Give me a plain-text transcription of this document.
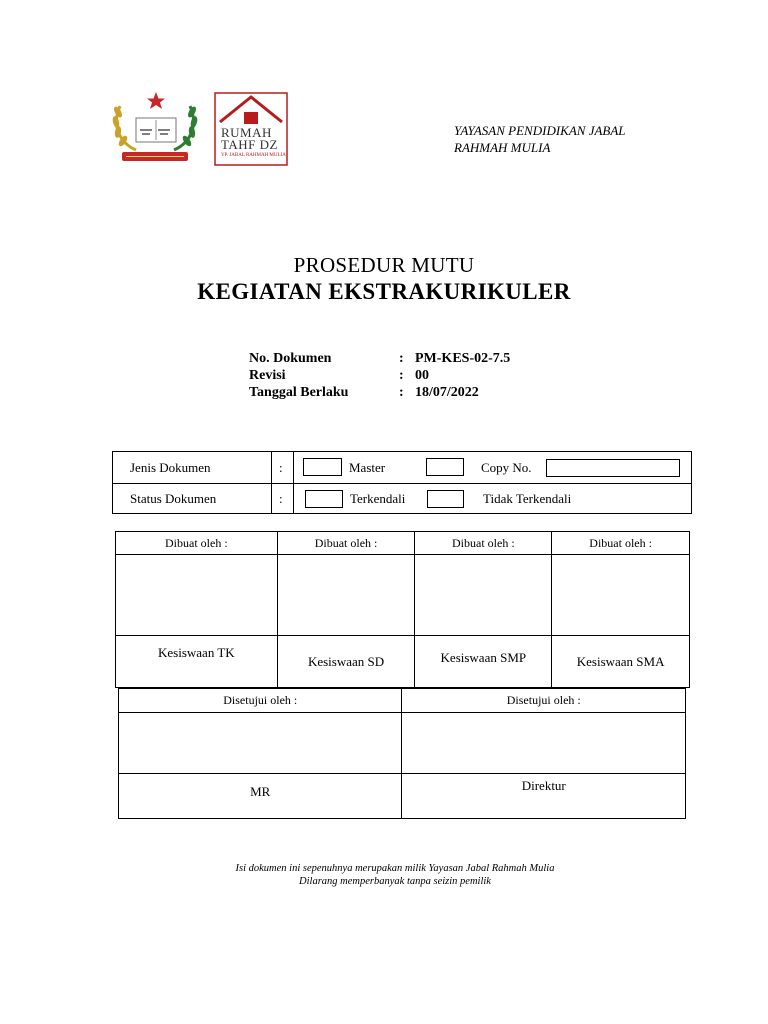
RUMAH
TAHF DZ
YP. JABAL RAHMAH MULIA
YAYASAN PENDIDIKAN JABAL
RAHMAH MULIA
PROSEDUR MUTU
KEGIATAN EKSTRAKURIKULER
No. Dokumen	: PM-KES-02-7.5
Revisi	: 00
Tanggal Berlaku	: 18/07/2022
Jenis Dokumen	:	Master	Copy No.
Status Dokumen	:	Terkendali	Tidak Terkendali
Dibuat oleh :	Dibuat oleh :	Dibuat oleh :	Dibuat oleh :

Kesiswaan TK	Kesiswaan SD	Kesiswaan SMP	Kesiswaan SMA
Disetujui oleh :	Disetujui oleh :

MR	Direktur
Isi dokumen ini sepenuhnya merupakan milik Yayasan Jabal Rahmah Mulia
Dilarang memperbanyak tanpa seizin pemilik
